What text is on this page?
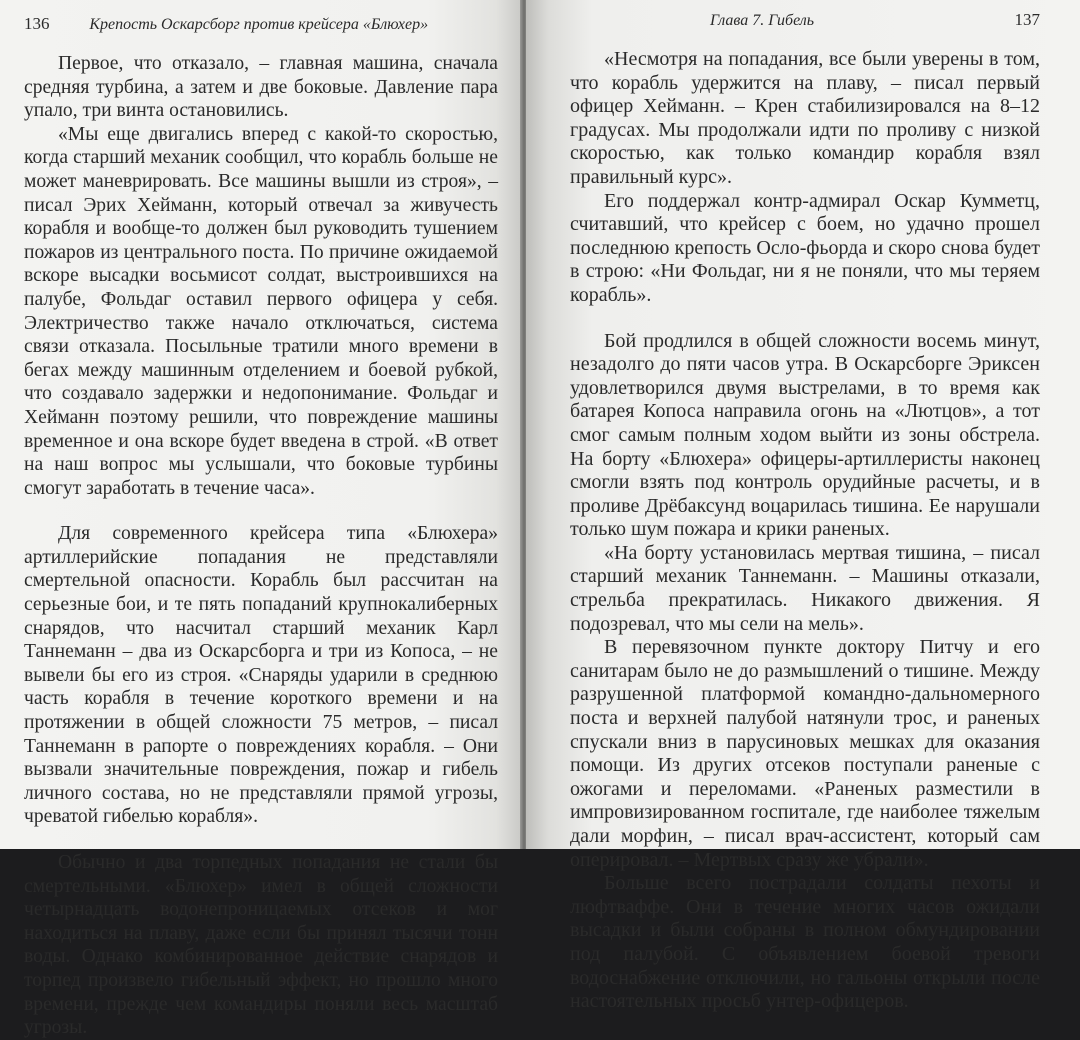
136 Крепость Оскарсборг против крейсера «Блюхер»

Первое, что отказало, – главная машина, сначала средняя турбина, а затем и две боковые. Давление пара упало, три винта остановились.

«Мы еще двигались вперед с какой-то скоростью, когда старший механик сообщил, что корабль больше не может маневрировать. Все машины вышли из строя», – писал Эрих Хейманн, который отвечал за живучесть корабля и вообще-то должен был руководить тушением пожаров из центрального поста. По причине ожидаемой вскоре высадки восьмисот солдат, выстроившихся на палубе, Фольдаг оставил первого офицера у себя. Электричество также начало отключаться, система связи отказала. Посыльные тратили много времени в бегах между машинным отделением и боевой рубкой, что создавало задержки и недопонимание. Фольдаг и Хейманн поэтому решили, что повреждение машины временное и она вскоре будет введена в строй. «В ответ на наш вопрос мы услышали, что боковые турбины смогут заработать в течение часа».

Для современного крейсера типа «Блюхера» артиллерийские попадания не представляли смертельной опасности. Корабль был рассчитан на серьезные бои, и те пять попаданий крупнокалиберных снарядов, что насчитал старший механик Карл Таннеманн – два из Оскарсборга и три из Копоса, – не вывели бы его из строя. «Снаряды ударили в среднюю часть корабля в течение короткого времени и на протяжении в общей сложности 75 метров, – писал Таннеманн в рапорте о повреждениях корабля. – Они вызвали значительные повреждения, пожар и гибель личного состава, но не представляли прямой угрозы, чреватой гибелью корабля».

Обычно и два торпедных попадания не стали бы смертельными. «Блюхер» имел в общей сложности четырнадцать водонепроницаемых отсеков и мог находиться на плаву, даже если бы принял тысячи тонн воды. Однако комбинированное действие снарядов и торпед произвело гибельный эффект, но прошло много времени, прежде чем командиры поняли весь масштаб угрозы.

Глава 7. Гибель	137

«Несмотря на попадания, все были уверены в том, что корабль удержится на плаву, – писал первый офицер Хейманн. – Крен стабилизировался на 8–12 градусах. Мы продолжали идти по проливу с низкой скоростью, как только командир корабля взял правильный курс».

Его поддержал контр-адмирал Оскар Кумметц, считавший, что крейсер с боем, но удачно прошел последнюю крепость Осло-фьорда и скоро снова будет в строю: «Ни Фольдаг, ни я не поняли, что мы теряем корабль».

Бой продлился в общей сложности восемь минут, незадолго до пяти часов утра. В Оскарсборге Эриксен удовлетворился двумя выстрелами, в то время как батарея Копоса направила огонь на «Лютцов», а тот смог самым полным ходом выйти из зоны обстрела. На борту «Блюхера» офицеры-артиллеристы наконец смогли взять под контроль орудийные расчеты, и в проливе Дрёбаксунд воцарилась тишина. Ее нарушали только шум пожара и крики раненых.

«На борту установилась мертвая тишина, – писал старший механик Таннеманн. – Машины отказали, стрельба прекратилась. Никакого движения. Я подозревал, что мы сели на мель».

В перевязочном пункте доктору Питчу и его санитарам было не до размышлений о тишине. Между разрушенной платформой командно-дальномерного поста и верхней палубой натянули трос, и раненых спускали вниз в парусиновых мешках для оказания помощи. Из других отсеков поступали раненые с ожогами и переломами. «Раненых разместили в импровизированном госпитале, где наиболее тяжелым дали морфин, – писал врач-ассистент, который сам оперировал. – Мертвых сразу же убрали».

Больше всего пострадали солдаты пехоты и люфтваффе. Они в течение многих часов ожидали высадки и были собраны в полном обмундировании под палубой. С объявлением боевой тревоги водоснабжение отключили, но гальоны открыли после настоятельных просьб унтер-офицеров.
